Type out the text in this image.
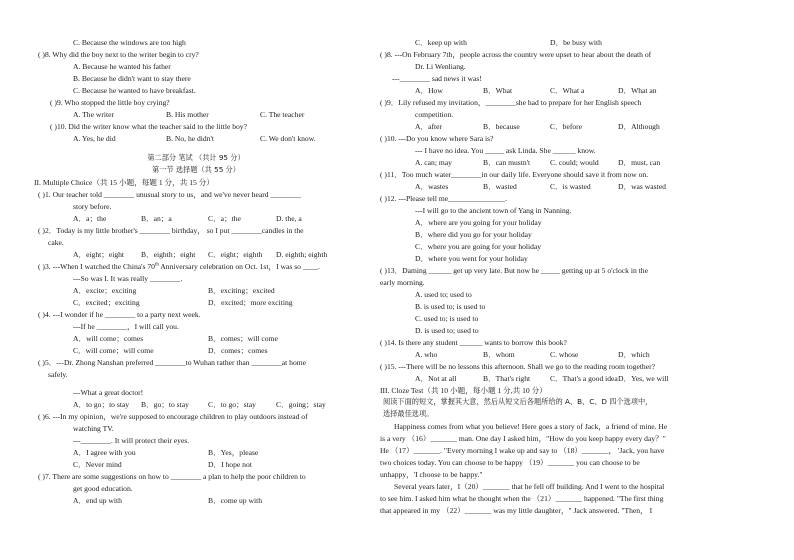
C. Because the windows are too high
( )8. Why did the boy next to the writer begin to cry?
A. Because he wanted his father
B. Because he didn't want to stay there
C. Because he wanted to have breakfast.
( )9. Who stopped the little boy crying?
A. The writer	B. His mother	C. The teacher
( )10. Did the writer know what the teacher said to the little boy?
A. Yes, he did	B. No, he didn't	C. We don't know.
第二部分 笔试 （共计 95 分）
第一节 选择题（共 55 分）
II. Multiple Choice（共 15 小题，每题 1 分，共 15 分）
( )1. Our teacher told ________ unusual story to us，and we've never heard ________
story before.
A．a；the	B．an；a	C．a；the	D. the, a
( )2．Today is my little brother's ________ birthday， so I put ________candles in the
cake.
A．eight；eight B．eighth；eight C．eight；eighth D. eighth; eighth
( )3. ---When I watched the China's 70th Anniversary celebration on Oct. 1st，I was so ____.
---So was I. It was really ________.
A．excite；exciting	B．exciting；excited
C．excited；exciting	D．excited；more exciting
( )4. ---I wonder if he ________ to a party next week.
---If he ________，I will call you.
A．will come；comes	B．comes；will come
C．will come；will come	D．comes；comes
( )5．---Dr. Zhong Nanshan preferred ________to Wuhan rather than ________at home
safely.
---What a great doctor!
A．to go；to stay B．go；to stay	C．to go；stay	C．going；stay
( )6. ---In my opinion，we're supposed to encourage children to play outdoors instead of
watching TV.
---________. It will protect their eyes.
A．I agree with you	B．Yes，please
C．Never mind	D．I hope not
( )7. There are some suggestions on how to ________ a plan to help the poor children to
get good education.
A．end up with	B．come up with
C．keep up with	D．be busy with
( )8. ---On February 7th，people across the country were upset to hear about the death of
Dr. Li Wenliang.
---________ sad news it was!
A．How	B．What	C．What a	D．What an
( )9．Lily refused my invitation，________she had to prepare for her English speech
competition.
A．after	B．because	C．before	D．Although
( )10. ---Do you know where Sara is?
--- I have no idea. You _____ ask Linda. She ______ know.
A. can; may	B．can mustn't	C. could; would	D．must, can
( )11．Too much water________in our daily life. Everyone should save it from now on.
A．wastes	B．wasted	C．is wasted	D．was wasted
( )12. ---Please tell me_______________.
---I will go to the ancient town of Yang in Nanning.
A．where are you going for your holiday
B．where did you go for your holiday
C．where you are going for your holiday
D．where you went for your holiday
( )13．Daming ______ get up very late. But now he _____ getting up at 5 o'clock in the
early morning.
A. used to; used to
B. is used to; is used to
C. used to; is used to
D. is used to; used to
( )14. Is there any student ______ wants to borrow this book?
A. who	B．whom	C. whose	D．which
( )15. ---There will be no lessons this afternoon. Shall we go to the reading room together?
A．Not at all	B．That's right	C．That's a good idea D．Yes, we will
III. Cloze Test（共 10 小题，每小题 1 分,共 10 分）
阅读下面的短文，掌握其大意，然后从短文后各题所给的 A、B、C、D 四个选项中，
选择最佳选项。
Happiness comes from what you believe! Here goes a story of Jack，a friend of mine. He
is a very （16）_______ man. One day I asked him，"How do you keep happy every day？"
He （17）_______. "Every morning I wake up and say to （18）_______， 'Jack, you have
two choices today. You can choose to be happy （19）_______ you can choose to be
unhappy，'I choose to be happy."
Several years later，I（20）_______ that he fell off building. And I went to the hospital
to see him. I asked him what he thought when the （21）_______ happened. "The first thing
that appeared in my （22）_______ was my little daughter，" Jack answered. "Then， I
